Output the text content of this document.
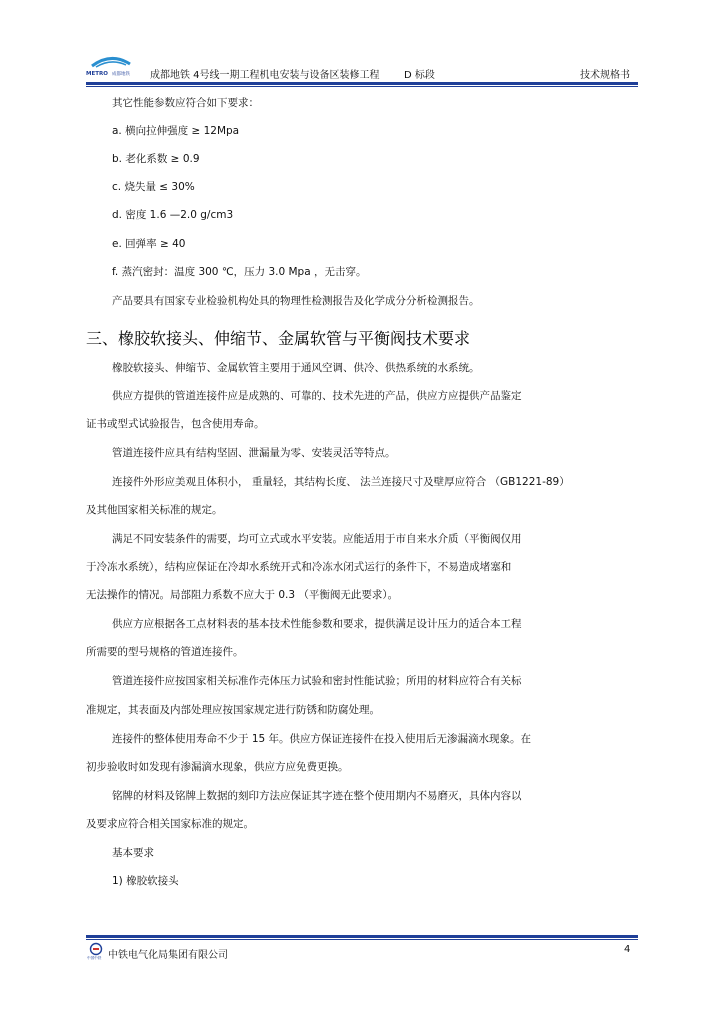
METRO 成都地铁 成都地铁 4号线一期工程机电安装与设备区装修工程 D 标段	技术规格书
其它性能参数应符合如下要求：
a. 横向拉伸强度 ≥ 12Mpa
b. 老化系数 ≥ 0.9
c. 烧失量 ≤ 30%
d. 密度 1.6 —2.0 g/cm3
e. 回弹率 ≥ 40
f. 蒸汽密封：温度 300 ℃，压力 3.0 Mpa ，无击穿。
产品要具有国家专业检验机构处具的物理性检测报告及化学成分分析检测报告。
三、橡胶软接头、伸缩节、金属软管与平衡阀技术要求
橡胶软接头、伸缩节、金属软管主要用于通风空调、供冷、供热系统的水系统。
供应方提供的管道连接件应是成熟的、可靠的、技术先进的产品，供应方应提供产品鉴定
证书或型式试验报告，包含使用寿命。
管道连接件应具有结构坚固、泄漏量为零、安装灵活等特点。
连接件外形应美观且体积小， 重量轻，其结构长度、 法兰连接尺寸及壁厚应符合 （GB1221-89）
及其他国家相关标准的规定。
满足不同安装条件的需要，均可立式或水平安装。应能适用于市自来水介质（平衡阀仅用
于冷冻水系统），结构应保证在冷却水系统开式和冷冻水闭式运行的条件下，不易造成堵塞和
无法操作的情况。局部阻力系数不应大于 0.3 （平衡阀无此要求）。
供应方应根据各工点材料表的基本技术性能参数和要求，提供满足设计压力的适合本工程
所需要的型号规格的管道连接件。
管道连接件应按国家相关标准作壳体压力试验和密封性能试验；所用的材料应符合有关标
准规定，其表面及内部处理应按国家规定进行防锈和防腐处理。
连接件的整体使用寿命不少于 15 年。供应方保证连接件在投入使用后无渗漏滴水现象。在
初步验收时如发现有渗漏滴水现象，供应方应免费更换。
铭牌的材料及铭牌上数据的刻印方法应保证其字迹在整个使用期内不易磨灭，具体内容以
及要求应符合相关国家标准的规定。
基本要求
1) 橡胶软接头
中国中铁 中铁电气化局集团有限公司
4
